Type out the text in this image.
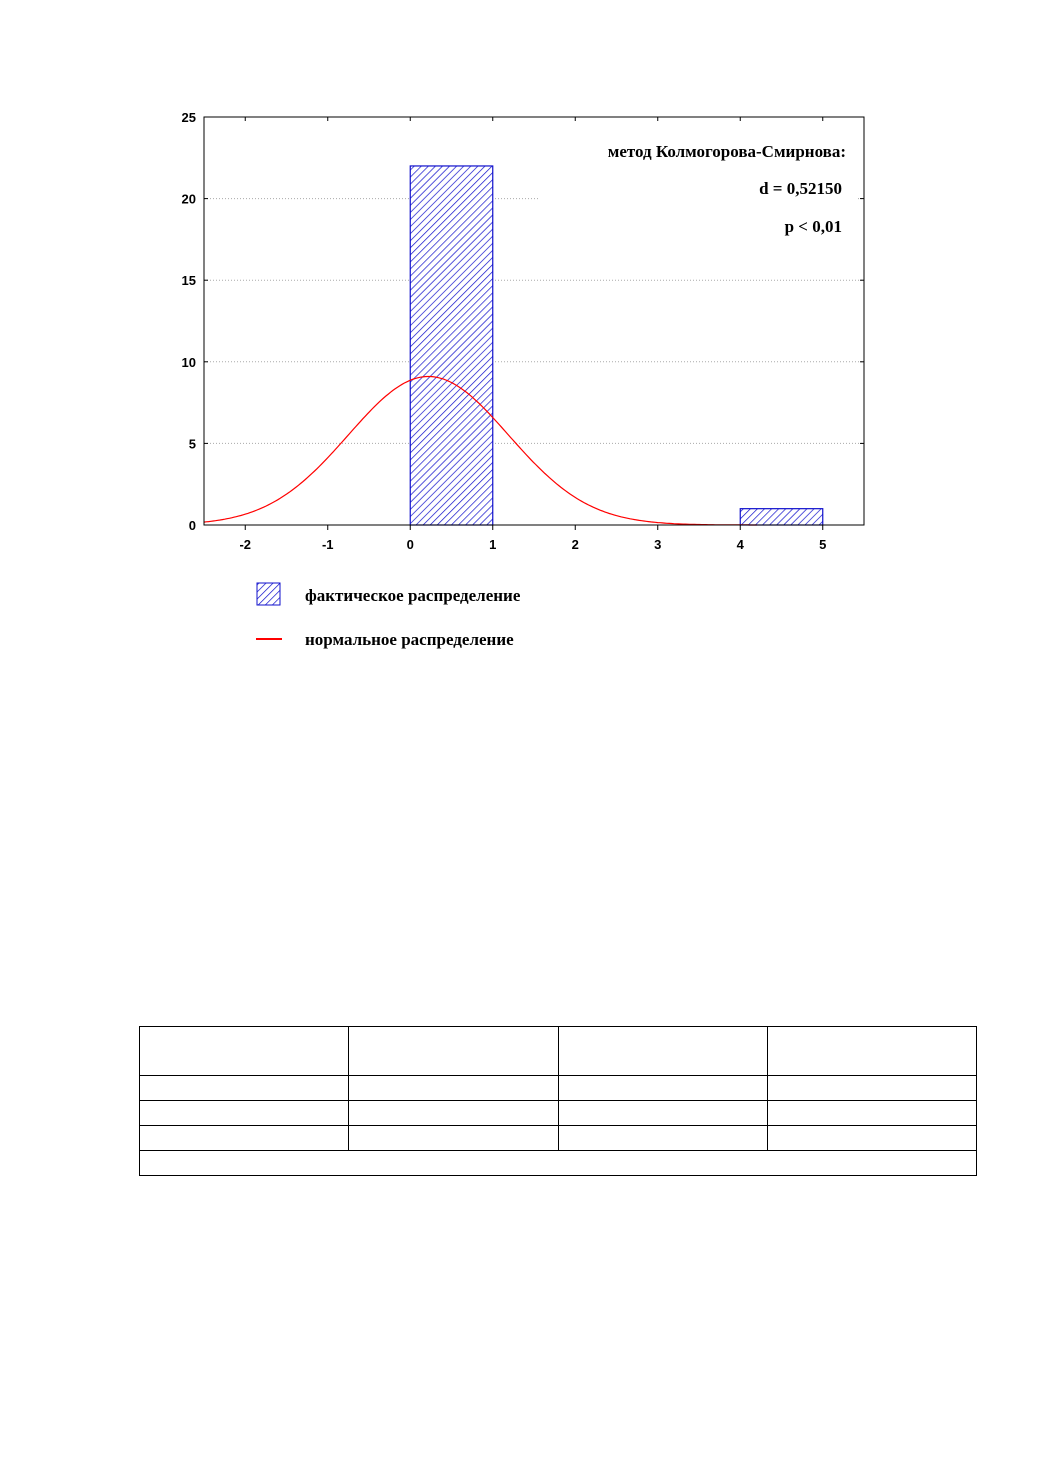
0
5
10
15
20
25
-2	-1	0	1	2	3	4	5
метод Колмогорова-Смирнова:
d = 0,52150
p < 0,01
фактическое распределение
нормальное распределение
